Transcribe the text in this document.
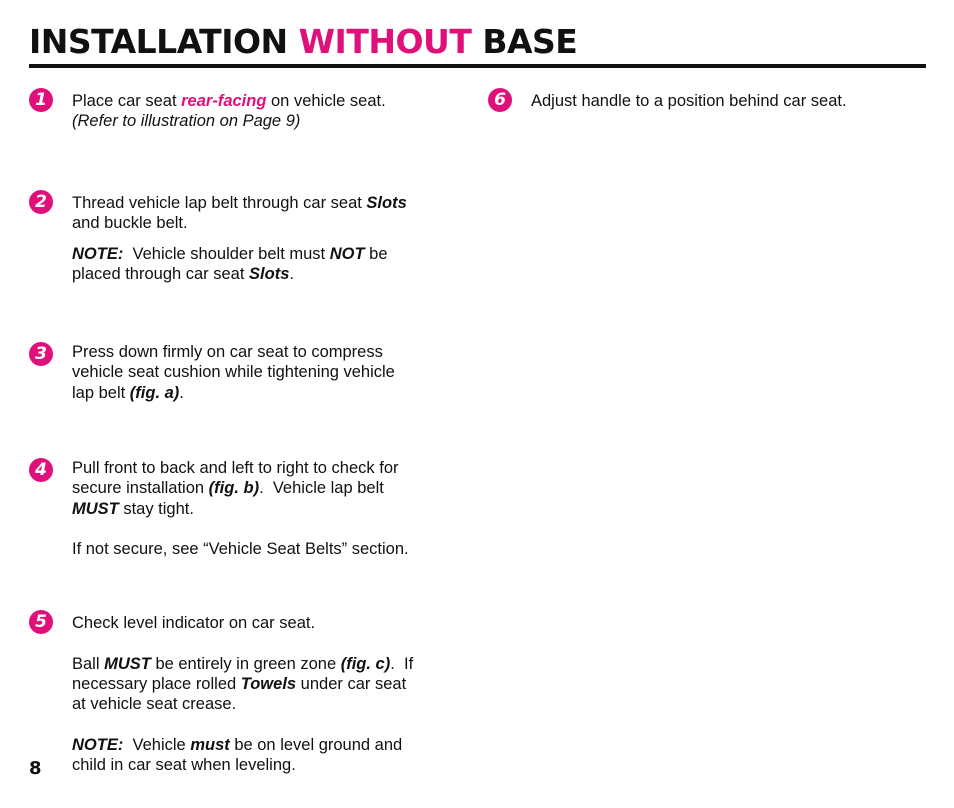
INSTALLATION WITHOUT BASE
1	Place car seat rear-facing on vehicle seat.

(Refer to illustration on Page 9)

2	Thread vehicle lap belt through car seat Slots

and buckle belt.

NOTE:  Vehicle shoulder belt must NOT be

placed through car seat Slots.

3	Press down firmly on car seat to compress

vehicle seat cushion while tightening vehicle

lap belt (fig. a).

4	Pull front to back and left to right to check for

secure installation (fig. b).  Vehicle lap belt

MUST stay tight.

If not secure, see “Vehicle Seat Belts” section.

5	Check level indicator on car seat.

Ball MUST be entirely in green zone (fig. c).  If

necessary place rolled Towels under car seat

at vehicle seat crease.

NOTE:  Vehicle must be on level ground and

child in car seat when leveling.

6	Adjust handle to a position behind car seat.

8
